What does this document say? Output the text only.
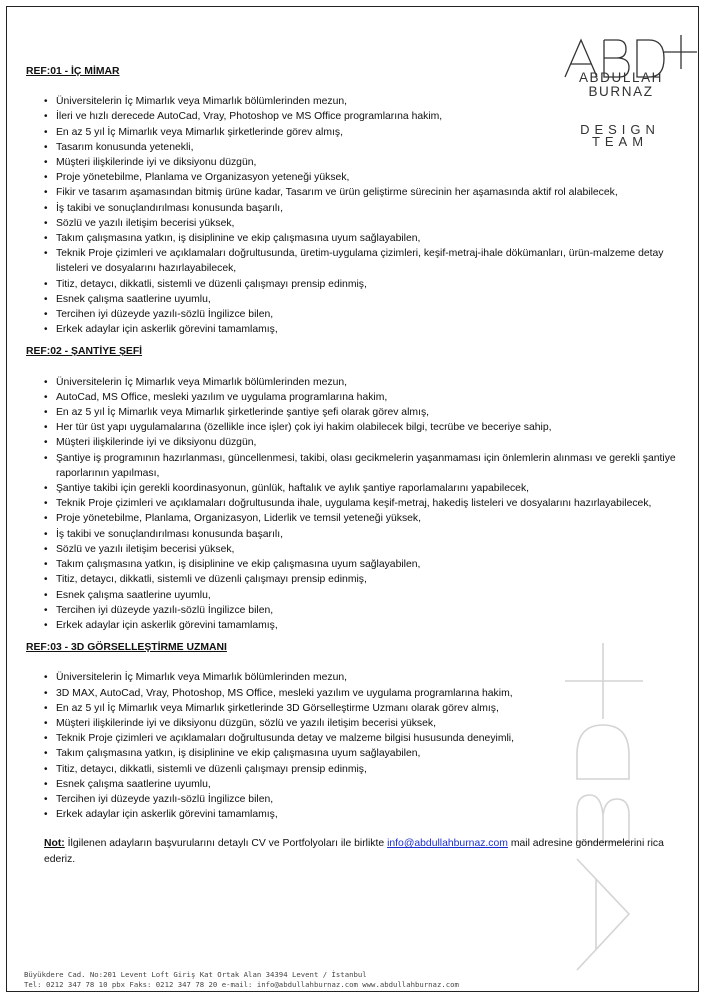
ABDULLAH
BURNAZ
DESIGN
TEAM
REF:01 - İÇ MİMAR
• Üniversitelerin İç Mimarlık veya Mimarlık bölümlerinden mezun,
• İleri ve hızlı derecede AutoCad, Vray, Photoshop ve MS Office programlarına hakim,
• En az 5 yıl İç Mimarlık veya Mimarlık şirketlerinde görev almış,
• Tasarım konusunda yetenekli,
• Müşteri ilişkilerinde iyi ve diksiyonu düzgün,
• Proje yönetebilme, Planlama ve Organizasyon yeteneği yüksek,
• Fikir ve tasarım aşamasından bitmiş ürüne kadar, Tasarım ve ürün geliştirme sürecinin her aşamasında aktif rol alabilecek,
• İş takibi ve sonuçlandırılması konusunda başarılı,
• Sözlü ve yazılı iletişim becerisi yüksek,
• Takım çalışmasına yatkın, iş disiplinine ve ekip çalışmasına uyum sağlayabilen,
• Teknik Proje çizimleri ve açıklamaları doğrultusunda, üretim-uygulama çizimleri, keşif-metraj-ihale dökümanları, ürün-malzeme detay listeleri ve dosyalarını hazırlayabilecek,
• Titiz, detaycı, dikkatli, sistemli ve düzenli çalışmayı prensip edinmiş,
• Esnek çalışma saatlerine uyumlu,
• Tercihen iyi düzeyde yazılı-sözlü İngilizce bilen,
• Erkek adaylar için askerlik görevini tamamlamış,
REF:02 - ŞANTİYE ŞEFİ
• Üniversitelerin İç Mimarlık veya Mimarlık bölümlerinden mezun,
• AutoCad, MS Office, mesleki yazılım ve uygulama programlarına hakim,
• En az 5 yıl İç Mimarlık veya Mimarlık şirketlerinde şantiye şefi olarak görev almış,
• Her tür üst yapı uygulamalarına (özellikle ince işler) çok iyi hakim olabilecek bilgi, tecrübe ve beceriye sahip,
• Müşteri ilişkilerinde iyi ve diksiyonu düzgün,
• Şantiye iş programının hazırlanması, güncellenmesi, takibi, olası gecikmelerin yaşanmaması için önlemlerin alınması ve gerekli şantiye raporlarının yapılması,
• Şantiye takibi için gerekli koordinasyonun, günlük, haftalık ve aylık şantiye raporlamalarını yapabilecek,
• Teknik Proje çizimleri ve açıklamaları doğrultusunda ihale, uygulama keşif-metraj, hakediş listeleri ve dosyalarını hazırlayabilecek,
• Proje yönetebilme, Planlama, Organizasyon, Liderlik ve temsil yeteneği yüksek,
• İş takibi ve sonuçlandırılması konusunda başarılı,
• Sözlü ve yazılı iletişim becerisi yüksek,
• Takım çalışmasına yatkın, iş disiplinine ve ekip çalışmasına uyum sağlayabilen,
• Titiz, detaycı, dikkatli, sistemli ve düzenli çalışmayı prensip edinmiş,
• Esnek çalışma saatlerine uyumlu,
• Tercihen iyi düzeyde yazılı-sözlü İngilizce bilen,
• Erkek adaylar için askerlik görevini tamamlamış,
REF:03 - 3D GÖRSELLEŞTİRME UZMANI
• Üniversitelerin İç Mimarlık veya Mimarlık bölümlerinden mezun,
• 3D MAX, AutoCad, Vray, Photoshop, MS Office, mesleki yazılım ve uygulama programlarına hakim,
• En az 5 yıl İç Mimarlık veya Mimarlık şirketlerinde 3D Görselleştirme Uzmanı olarak görev almış,
• Müşteri ilişkilerinde iyi ve diksiyonu düzgün, sözlü ve yazılı iletişim becerisi yüksek,
• Teknik Proje çizimleri ve açıklamaları doğrultusunda detay ve malzeme bilgisi hususunda deneyimli,
• Takım çalışmasına yatkın, iş disiplinine ve ekip çalışmasına uyum sağlayabilen,
• Titiz, detaycı, dikkatli, sistemli ve düzenli çalışmayı prensip edinmiş,
• Esnek çalışma saatlerine uyumlu,
• Tercihen iyi düzeyde yazılı-sözlü İngilizce bilen,
• Erkek adaylar için askerlik görevini tamamlamış,
Not: İlgilenen adayların başvurularını detaylı CV ve Portfolyoları ile birlikte info@abdullahburnaz.com mail adresine göndermelerini rica ederiz.
Büyükdere Cad. No:201 Levent Loft Giriş Kat Ortak Alan 34394 Levent / İstanbul
Tel: 0212 347 78 10 pbx Faks: 0212 347 78 20 e-mail: info@abdullahburnaz.com www.abdullahburnaz.com
